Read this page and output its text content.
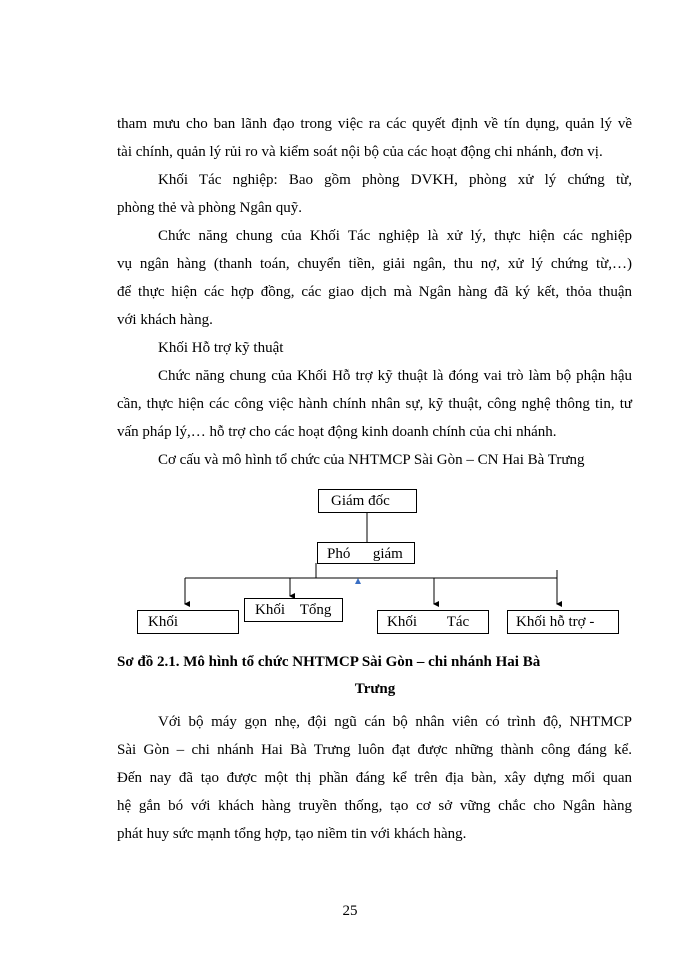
tham mưu cho ban lãnh đạo trong việc ra các quyết định về tín dụng, quản lý về
tài chính, quản lý rủi ro và kiểm soát nội bộ của các hoạt động chi nhánh, đơn vị.
Khối Tác nghiệp: Bao gồm phòng DVKH, phòng xử lý chứng từ,
phòng thẻ và phòng Ngân quỹ.
Chức năng chung của Khối Tác nghiệp là xử lý, thực hiện các nghiệp
vụ ngân hàng (thanh toán, chuyển tiền, giải ngân, thu nợ, xử lý chứng từ,…)
để thực hiện các hợp đồng, các giao dịch mà Ngân hàng đã ký kết, thỏa thuận
với khách hàng.
Khối Hỗ trợ kỹ thuật
Chức năng chung của Khối Hỗ trợ kỹ thuật là đóng vai trò làm bộ phận hậu
cần, thực hiện các công việc hành chính nhân sự, kỹ thuật, công nghệ thông tin, tư
vấn pháp lý,… hỗ trợ cho các hoạt động kinh doanh chính của chi nhánh.
Cơ cấu và mô hình tổ chức của NHTMCP Sài Gòn – CN Hai Bà Trưng
Giám đốc
Phó      giám
Khối
Khối    Tổng
Khối        Tác	Khối hỗ trợ -
Sơ đồ 2.1. Mô hình tổ chức NHTMCP Sài Gòn – chi nhánh Hai Bà
Trưng
Với bộ máy gọn nhẹ, đội ngũ cán bộ nhân viên có trình độ, NHTMCP
Sài Gòn – chi nhánh Hai Bà Trưng luôn đạt được những thành công đáng kể.
Đến nay đã tạo được một thị phần đáng kể trên địa bàn, xây dựng mối quan
hệ gắn bó với khách hàng truyền thống, tạo cơ sở vững chắc cho Ngân hàng
phát huy sức mạnh tổng hợp, tạo niềm tin với khách hàng.
25
